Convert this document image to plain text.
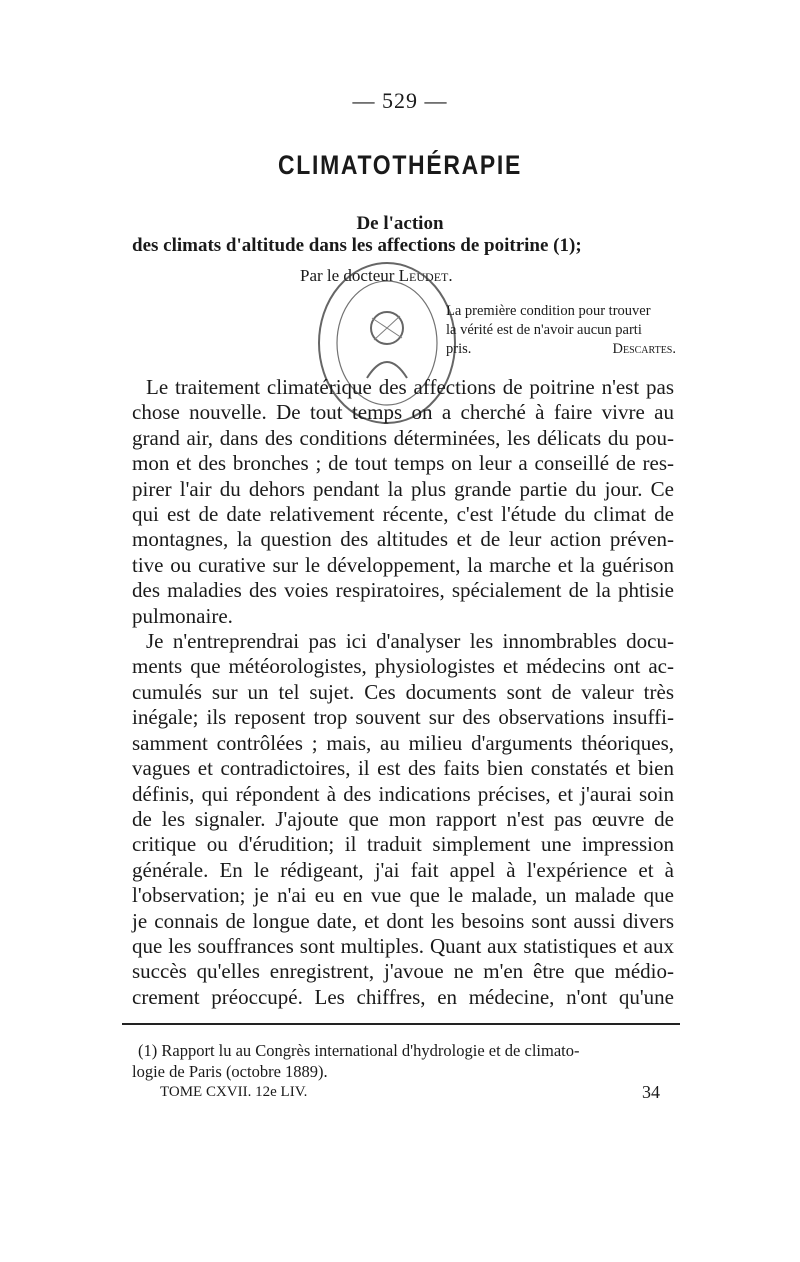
— 529 —
CLIMATOTHÉRAPIE
De l'action
des climats d'altitude dans les affections de poitrine (1);
Par le docteur Leudet.
La première condition pour trouver
la vérité est de n'avoir aucun parti
pris.	Descartes.

Le traitement climatérique des affections de poitrine n'est pas
chose nouvelle. De tout temps on a cherché à faire vivre au
grand air, dans des conditions déterminées, les délicats du pou-
mon et des bronches ; de tout temps on leur a conseillé de res-
pirer l'air du dehors pendant la plus grande partie du jour. Ce
qui est de date relativement récente, c'est l'étude du climat de
montagnes, la question des altitudes et de leur action préven-
tive ou curative sur le développement, la marche et la guérison
des maladies des voies respiratoires, spécialement de la phtisie
pulmonaire.

Je n'entreprendrai pas ici d'analyser les innombrables docu-
ments que météorologistes, physiologistes et médecins ont ac-
cumulés sur un tel sujet. Ces documents sont de valeur très
inégale; ils reposent trop souvent sur des observations insuffi-
samment contrôlées ; mais, au milieu d'arguments théoriques,
vagues et contradictoires, il est des faits bien constatés et bien
définis, qui répondent à des indications précises, et j'aurai soin
de les signaler. J'ajoute que mon rapport n'est pas œuvre de
critique ou d'érudition; il traduit simplement une impression
générale. En le rédigeant, j'ai fait appel à l'expérience et à
l'observation; je n'ai eu en vue que le malade, un malade que
je connais de longue date, et dont les besoins sont aussi divers
que les souffrances sont multiples. Quant aux statistiques et aux
succès qu'elles enregistrent, j'avoue ne m'en être que médio-
crement préoccupé. Les chiffres, en médecine, n'ont qu'une

(1) Rapport lu au Congrès international d'hydrologie et de climato-
logie de Paris (octobre 1889).
TOME CXVII. 12e LIV.	34
